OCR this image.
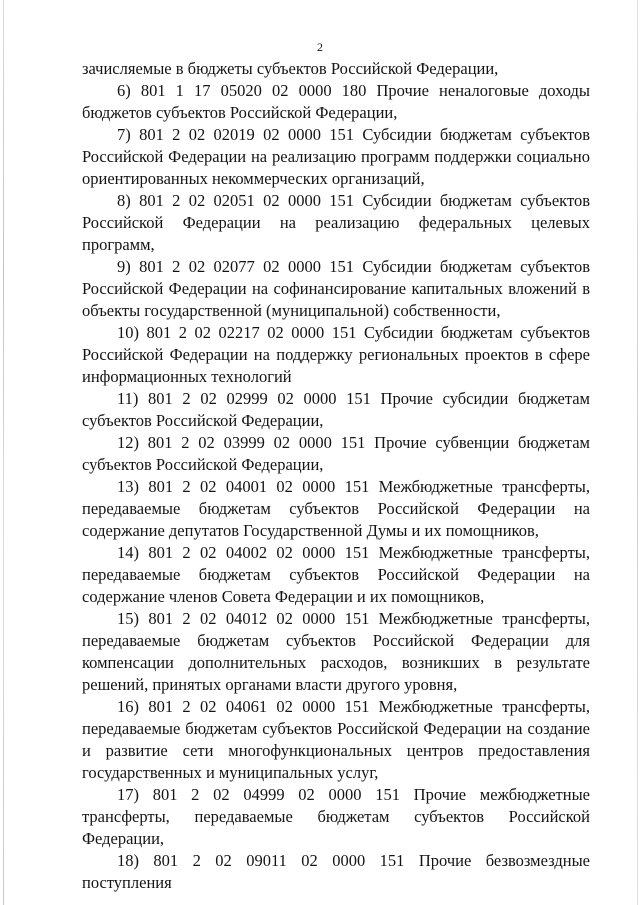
2

зачисляемые в бюджеты субъектов Российской Федерации,

6) 801 1 17 05020 02 0000 180 Прочие неналоговые доходы бюджетов субъектов Российской Федерации,

7) 801 2 02 02019 02 0000 151 Субсидии бюджетам субъектов Российской Федерации на реализацию программ поддержки социально ориентированных некоммерческих организаций,

8) 801 2 02 02051 02 0000 151 Субсидии бюджетам субъектов Российской Федерации на реализацию федеральных целевых программ,

9) 801 2 02 02077 02 0000 151 Субсидии бюджетам субъектов Российской Федерации на софинансирование капитальных вложений в объекты государственной (муниципальной) собственности,

10) 801 2 02 02217 02 0000 151 Субсидии бюджетам субъектов Российской Федерации на поддержку региональных проектов в сфере информационных технологий

11) 801 2 02 02999 02 0000 151 Прочие субсидии бюджетам субъектов Российской Федерации,

12) 801 2 02 03999 02 0000 151 Прочие субвенции бюджетам субъектов Российской Федерации,

13) 801 2 02 04001 02 0000 151 Межбюджетные трансферты, передаваемые бюджетам субъектов Российской Федерации на содержание депутатов Государственной Думы и их помощников,

14) 801 2 02 04002 02 0000 151 Межбюджетные трансферты, передаваемые бюджетам субъектов Российской Федерации на содержание членов Совета Федерации и их помощников,

15) 801 2 02 04012 02 0000 151 Межбюджетные трансферты, передаваемые бюджетам субъектов Российской Федерации для компенсации дополнительных расходов, возникших в результате решений, принятых органами власти другого уровня,

16) 801 2 02 04061 02 0000 151 Межбюджетные трансферты, передаваемые бюджетам субъектов Российской Федерации на создание и развитие сети многофункциональных центров предоставления государственных и муниципальных услуг,

17) 801 2 02 04999 02 0000 151 Прочие межбюджетные трансферты, передаваемые бюджетам субъектов Российской Федерации,

18) 801 2 02 09011 02 0000 151 Прочие безвозмездные поступления
